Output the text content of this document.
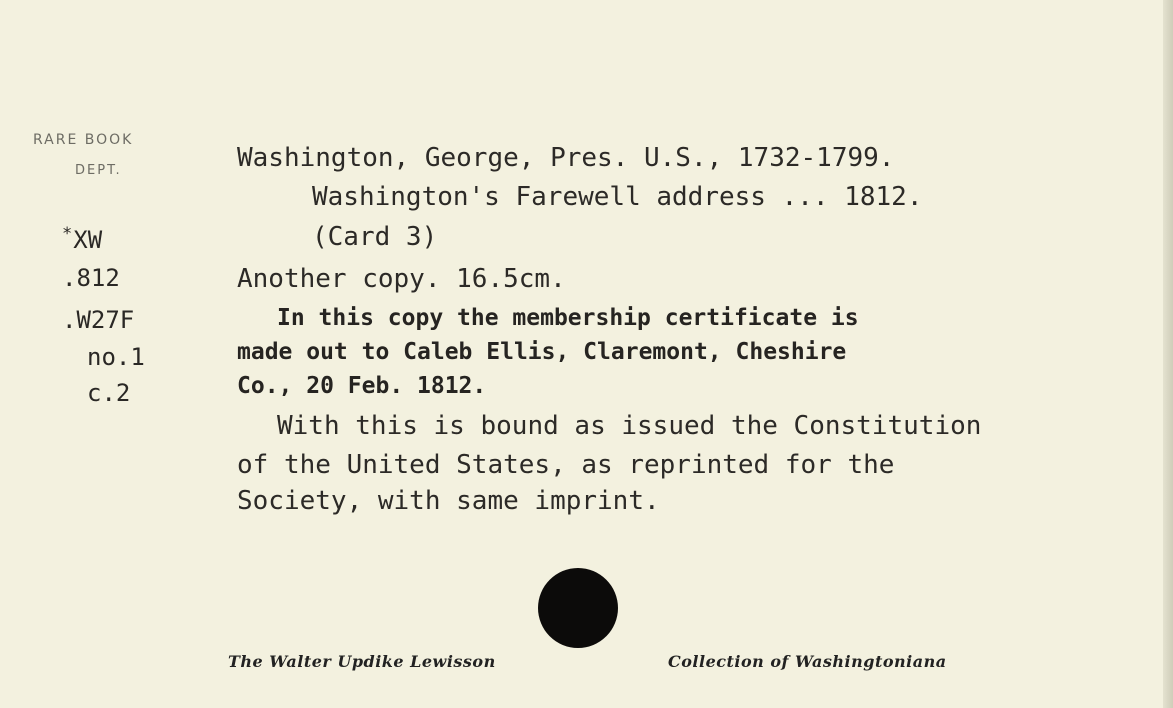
RARE BOOK
DEPT.
*XW
.812
.W27F
no.1
c.2
Washington, George, Pres. U.S., 1732-1799.
Washington's Farewell address ... 1812.
(Card 3)
Another copy. 16.5cm.
In this copy the membership certificate is
made out to Caleb Ellis, Claremont, Cheshire
Co., 20 Feb. 1812.
With this is bound as issued the Constitution
of the United States, as reprinted for the
Society, with same imprint.
The Walter Updike Lewisson	Collection of Washingtoniana
